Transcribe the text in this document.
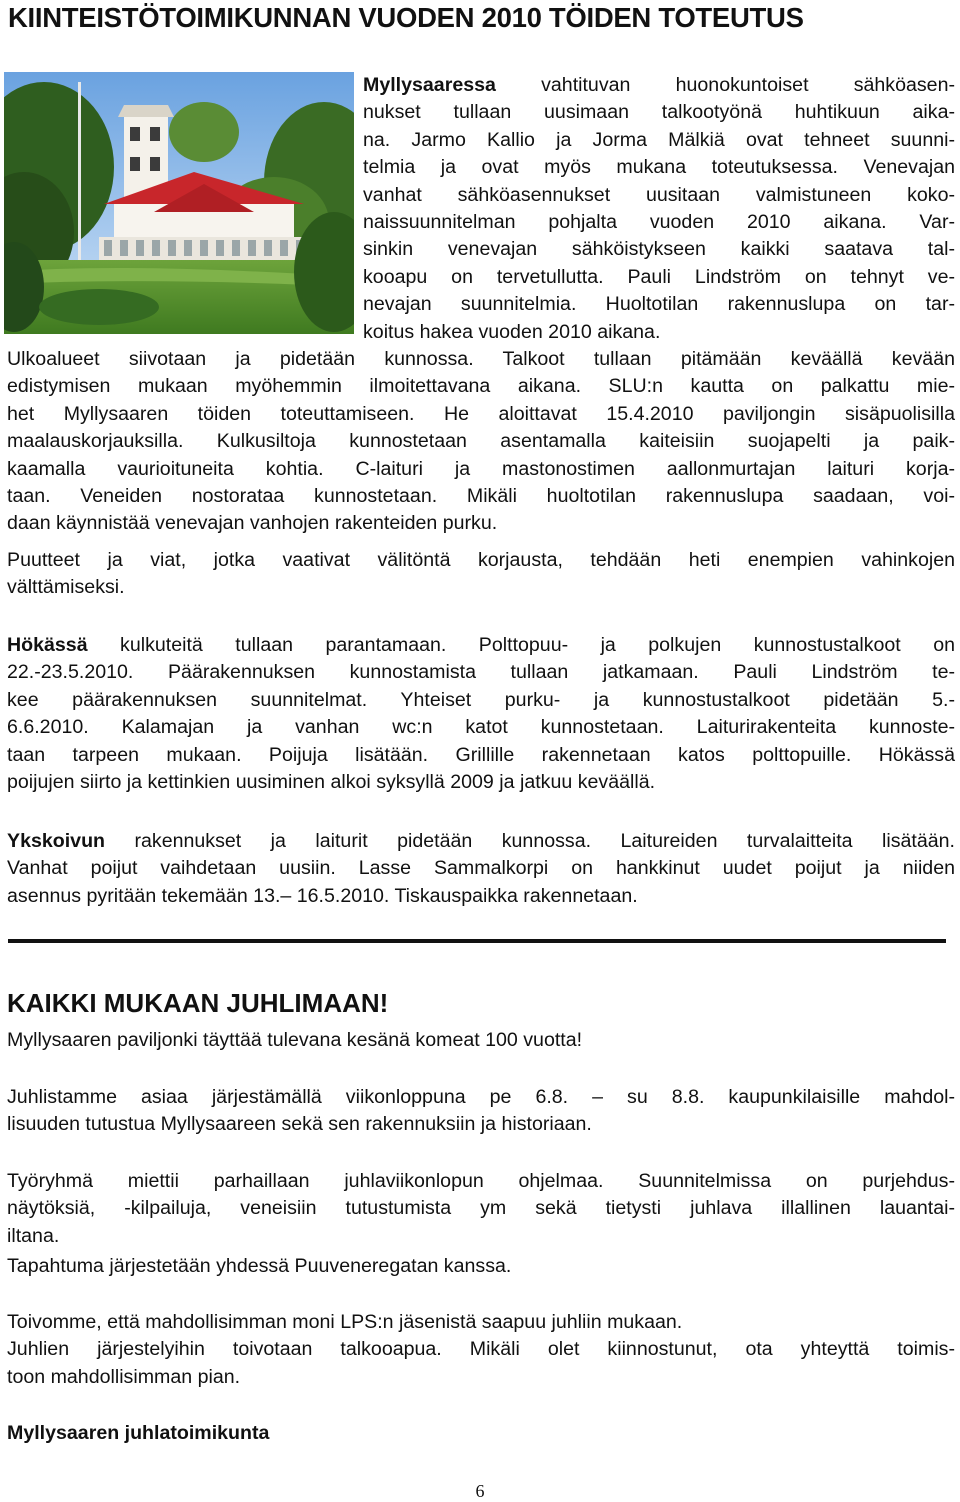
KIINTEISTÖTOIMIKUNNAN VUODEN 2010 TÖIDEN TOTEUTUS

Myllysaaressa vahtituvan huonokuntoiset sähköasen-
nukset tullaan uusimaan talkootyönä huhtikuun aika-
na. Jarmo Kallio ja Jorma Mälkiä ovat tehneet suunni-
telmia ja ovat myös mukana toteutuksessa. Venevajan
vanhat sähköasennukset uusitaan valmistuneen koko-
naissuunnitelman pohjalta vuoden 2010 aikana. Var-
sinkin venevajan sähköistykseen kaikki saatava tal-
kooapu on tervetullutta. Pauli Lindström on tehnyt ve-
nevajan suunnitelmia. Huoltotilan rakennuslupa on tar-
koitus hakea vuoden 2010 aikana.

Ulkoalueet siivotaan ja pidetään kunnossa. Talkoot tullaan pitämään keväällä kevään
edistymisen mukaan myöhemmin ilmoitettavana aikana. SLU:n kautta on palkattu mie-
het Myllysaaren töiden toteuttamiseen. He aloittavat 15.4.2010 paviljongin sisäpuolisilla
maalauskorjauksilla. Kulkusiltoja kunnostetaan asentamalla kaiteisiin suojapelti ja paik-
kaamalla vaurioituneita kohtia. C-laituri ja mastonostimen aallonmurtajan laituri korja-
taan. Veneiden nostorataa kunnostetaan. Mikäli huoltotilan rakennuslupa saadaan, voi-
daan käynnistää venevajan vanhojen rakenteiden purku.

Puutteet ja viat, jotka vaativat välitöntä korjausta, tehdään heti enempien vahinkojen
välttämiseksi.

Hökässä kulkuteitä tullaan parantamaan. Polttopuu- ja polkujen kunnostustalkoot on
22.-23.5.2010. Päärakennuksen kunnostamista tullaan jatkamaan. Pauli Lindström te-
kee päärakennuksen suunnitelmat. Yhteiset purku- ja kunnostustalkoot pidetään 5.-
6.6.2010. Kalamajan ja vanhan wc:n katot kunnostetaan. Laiturirakenteita kunnoste-
taan tarpeen mukaan. Poijuja lisätään. Grillille rakennetaan katos polttopuille. Hökässä
poijujen siirto ja kettinkien uusiminen alkoi syksyllä 2009 ja jatkuu keväällä.

Ykskoivun rakennukset ja laiturit pidetään kunnossa. Laitureiden turvalaitteita lisätään.
Vanhat poijut vaihdetaan uusiin. Lasse Sammalkorpi on hankkinut uudet poijut ja niiden
asennus pyritään tekemään 13.– 16.5.2010. Tiskauspaikka rakennetaan.

KAIKKI MUKAAN JUHLIMAAN!

Myllysaaren paviljonki täyttää tulevana kesänä komeat 100 vuotta!

Juhlistamme asiaa järjestämällä viikonloppuna pe 6.8. – su 8.8. kaupunkilaisille mahdol-
lisuuden tutustua Myllysaareen sekä sen rakennuksiin ja historiaan.

Työryhmä miettii parhaillaan juhlaviikonlopun ohjelmaa. Suunnitelmissa on purjehdus-
näytöksiä, -kilpailuja, veneisiin tutustumista ym sekä tietysti juhlava illallinen lauantai-
iltana.

Tapahtuma järjestetään yhdessä Puuveneregatan kanssa.

Toivomme, että mahdollisimman moni LPS:n jäsenistä saapuu juhliin mukaan.
Juhlien järjestelyihin toivotaan talkooapua. Mikäli olet kiinnostunut, ota yhteyttä toimis-
toon mahdollisimman pian.

Myllysaaren juhlatoimikunta

6
